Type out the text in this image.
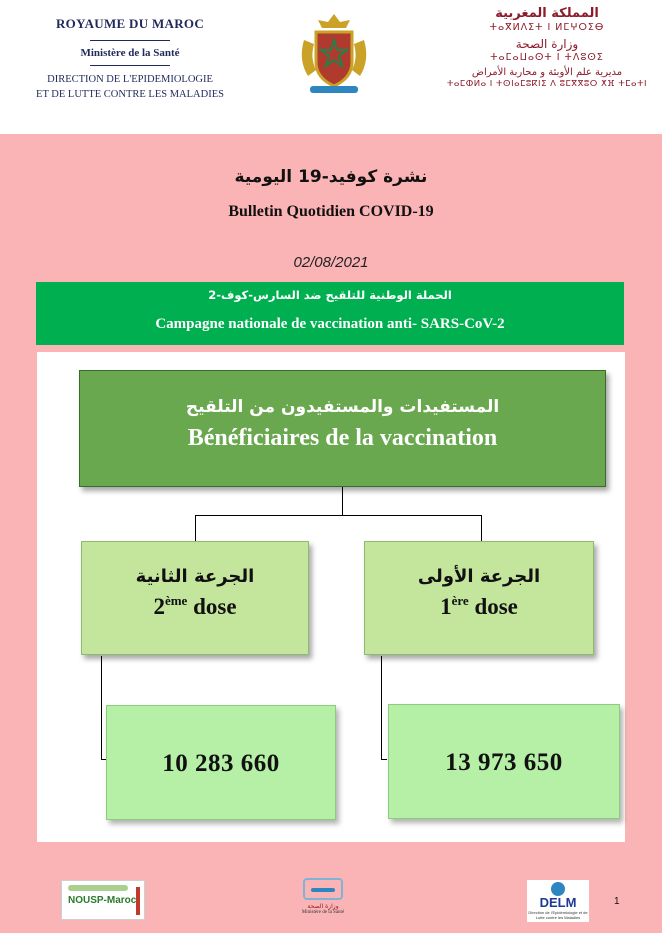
ROYAUME DU MAROC
Ministère de la Santé
DIRECTION DE L'EPIDEMIOLOGIE
ET DE LUTTE CONTRE LES MALADIES
المملكة المغربية
ⵜⴰⴳⵍⴷⵉⵜ ⵏ ⵍⵎⵖⵔⵉⴱ
وزارة الصحة
ⵜⴰⵎⴰⵡⴰⵙⵜ ⵏ ⵜⴷⵓⵙⵉ
مديرية علم الأوبئة و محاربة الأمراض
ⵜⴰⵎⵀⵍⴰ ⵏ ⵜⵙⵏⴰⵎⵓⴽⵏⵉ ⴷ ⵓⵎⴳⴳⵓⵔ ⵅⴼ ⵜⵎⴰⵜⵏ
نشرة كوفيد-19 اليومية
Bulletin Quotidien COVID-19
02/08/2021
الحملة الوطنية للتلقيح ضد السارس-كوف-2
Campagne nationale de vaccination anti- SARS-CoV-2
المستفيدات والمستفيدون من التلقيح
Bénéficiaires de la vaccination
الجرعة الثانية
2ème dose
الجرعة الأولى
1ère dose
10 283 660	13 973 650
NOUSP-Maroc
وزارة الصحة
Ministère de la Santé
DELM
Direction de l'Epidémiologie et de Lutte contre les Maladies
1
